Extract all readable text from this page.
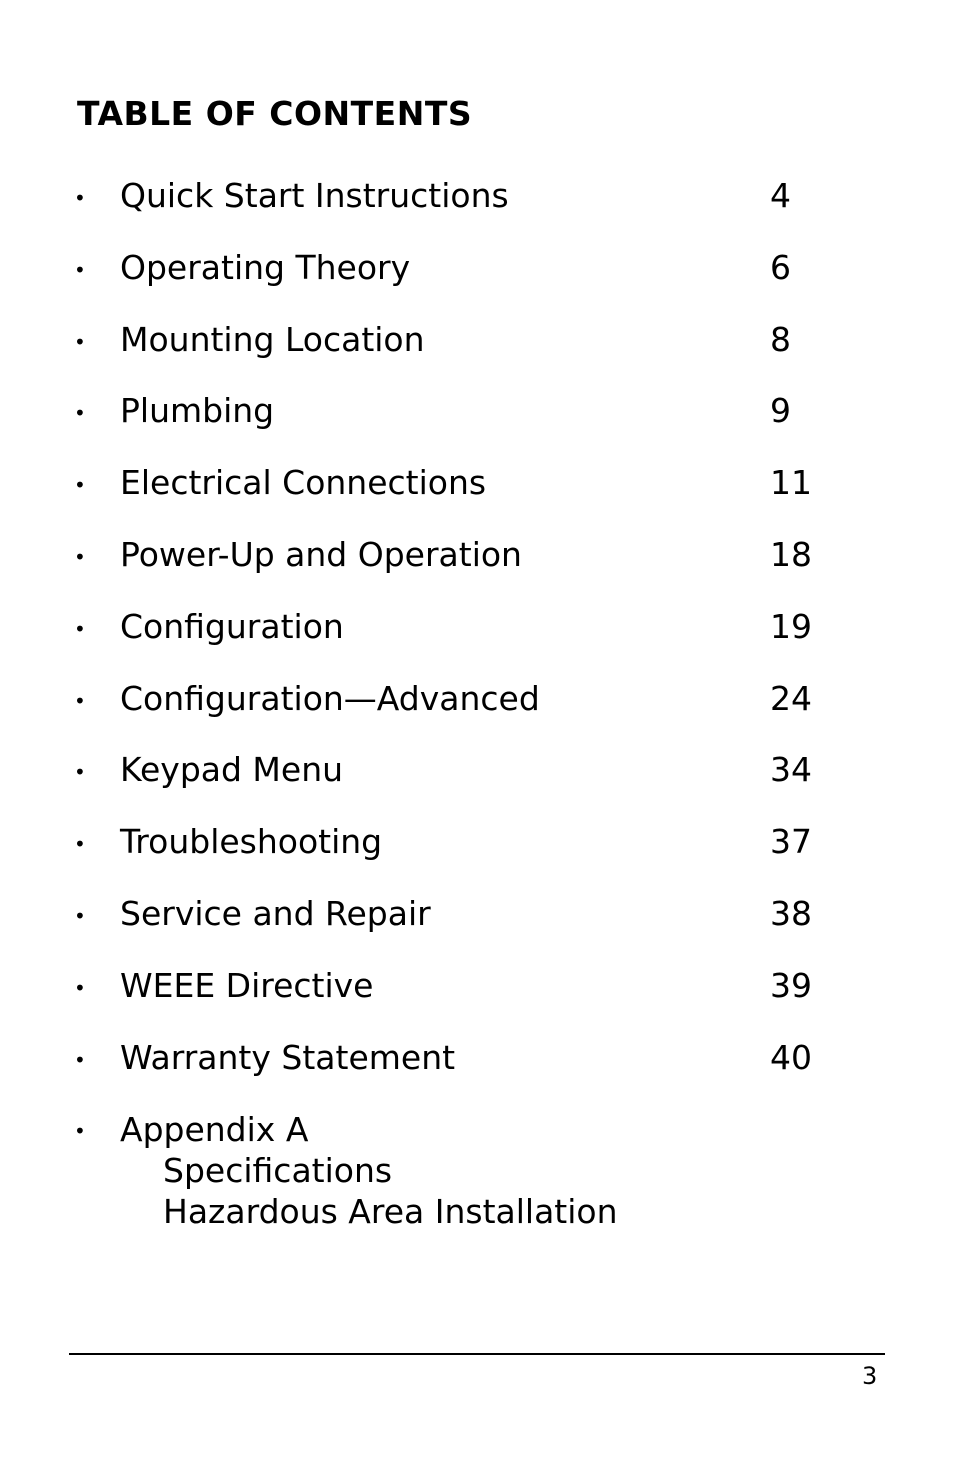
TABLE OF CONTENTS
• Quick Start Instructions	4
• Operating Theory	6
• Mounting Location	8
• Plumbing	9
• Electrical Connections	11
• Power-Up and Operation	18
• Configuration	19
• Configuration—Advanced	24
• Keypad Menu	34
• Troubleshooting	37
• Service and Repair	38
• WEEE Directive	39
• Warranty Statement	40
• Appendix A
Specifications
Hazardous Area Installation
3
